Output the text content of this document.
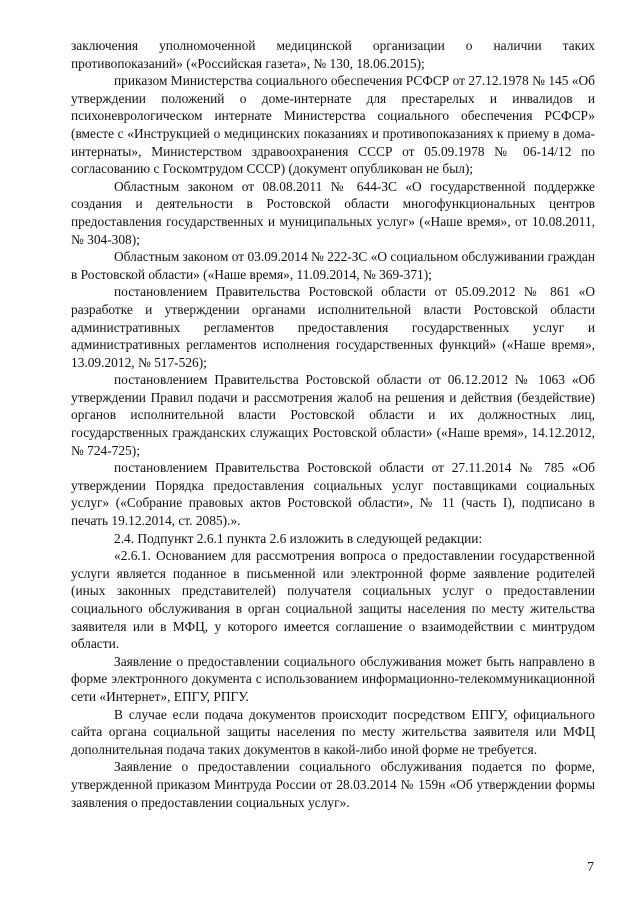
заключения уполномоченной медицинской организации о наличии таких противопоказаний» («Российская газета», № 130, 18.06.2015);

приказом Министерства социального обеспечения РСФСР от 27.12.1978 № 145 «Об утверждении положений о доме-интернате для престарелых и инвалидов и психоневрологическом интернате Министерства социального обеспечения РСФСР» (вместе с «Инструкцией о медицинских показаниях и противопоказаниях к приему в дома-интернаты», Министерством здравоохранения СССР от 05.09.1978 № 06-14/12 по согласованию с Госкомтрудом СССР) (документ опубликован не был);

Областным законом от 08.08.2011 № 644-ЗС «О государственной поддержке создания и деятельности в Ростовской области многофункциональных центров предоставления государственных и муниципальных услуг» («Наше время», от 10.08.2011, № 304-308);

Областным законом от 03.09.2014 № 222-ЗС «О социальном обслуживании граждан в Ростовской области» («Наше время», 11.09.2014, № 369-371);

постановлением Правительства Ростовской области от 05.09.2012 № 861 «О разработке и утверждении органами исполнительной власти Ростовской области административных регламентов предоставления государственных услуг и административных регламентов исполнения государственных функций» («Наше время», 13.09.2012, № 517-526);

постановлением Правительства Ростовской области от 06.12.2012 № 1063 «Об утверждении Правил подачи и рассмотрения жалоб на решения и действия (бездействие) органов исполнительной власти Ростовской области и их должностных лиц, государственных гражданских служащих Ростовской области» («Наше время», 14.12.2012, № 724-725);

постановлением Правительства Ростовской области от 27.11.2014 № 785 «Об утверждении Порядка предоставления социальных услуг поставщиками социальных услуг» («Собрание правовых актов Ростовской области», № 11 (часть I), подписано в печать 19.12.2014, ст. 2085).».

2.4. Подпункт 2.6.1 пункта 2.6 изложить в следующей редакции:

«2.6.1. Основанием для рассмотрения вопроса о предоставлении государственной услуги является поданное в письменной или электронной форме заявление родителей (иных законных представителей) получателя социальных услуг о предоставлении социального обслуживания в орган социальной защиты населения по месту жительства заявителя или в МФЦ, у которого имеется соглашение о взаимодействии с минтрудом области.

Заявление о предоставлении социального обслуживания может быть направлено в форме электронного документа с использованием информационно-телекоммуникационной сети «Интернет», ЕПГУ, РПГУ.

В случае если подача документов происходит посредством ЕПГУ, официального сайта органа социальной защиты населения по месту жительства заявителя или МФЦ дополнительная подача таких документов в какой-либо иной форме не требуется.

Заявление о предоставлении социального обслуживания подается по форме, утвержденной приказом Минтруда России от 28.03.2014 № 159н «Об утверждении формы заявления о предоставлении социальных услуг».

7
